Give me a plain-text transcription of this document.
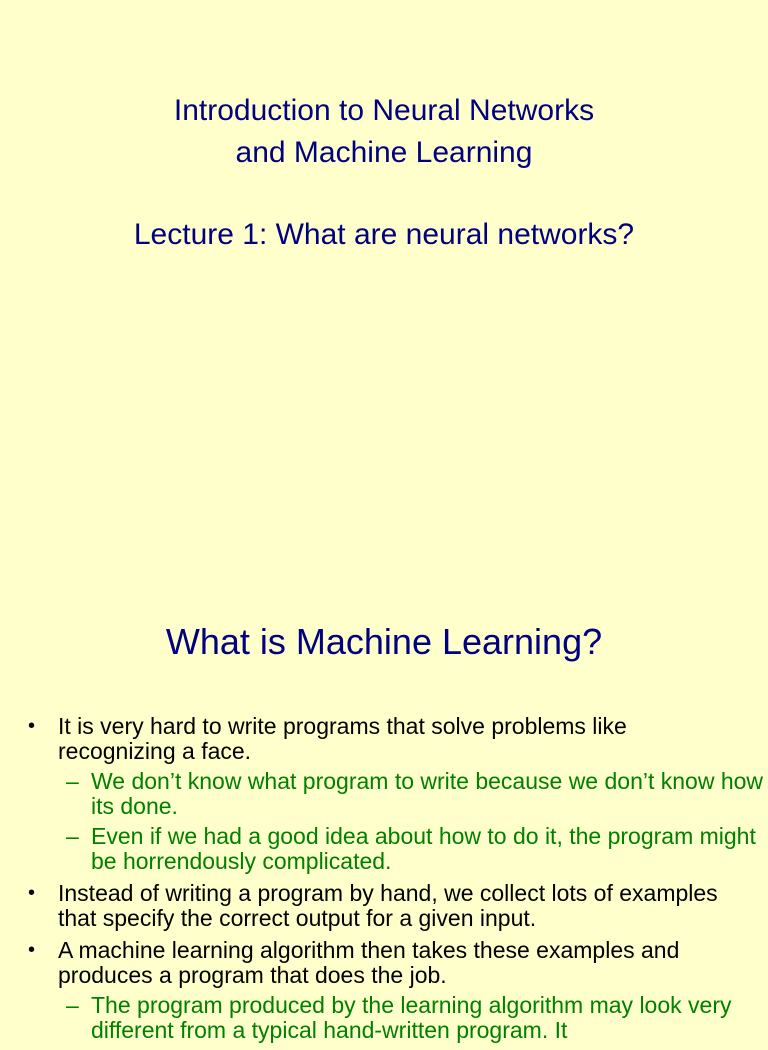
Introduction to Neural Networks

and Machine Learning

Lecture 1: What are neural networks?
What is Machine Learning?
• It is very hard to write programs that solve problems like recognizing a face.
– We don’t know what program to write because we don’t know how its done.
– Even if we had a good idea about how to do it, the program might be horrendously complicated.
• Instead of writing a program by hand, we collect lots of examples that specify the correct output for a given input.
• A machine learning algorithm then takes these examples and produces a program that does the job.
– The program produced by the learning algorithm may look very different from a typical hand-written program. It
